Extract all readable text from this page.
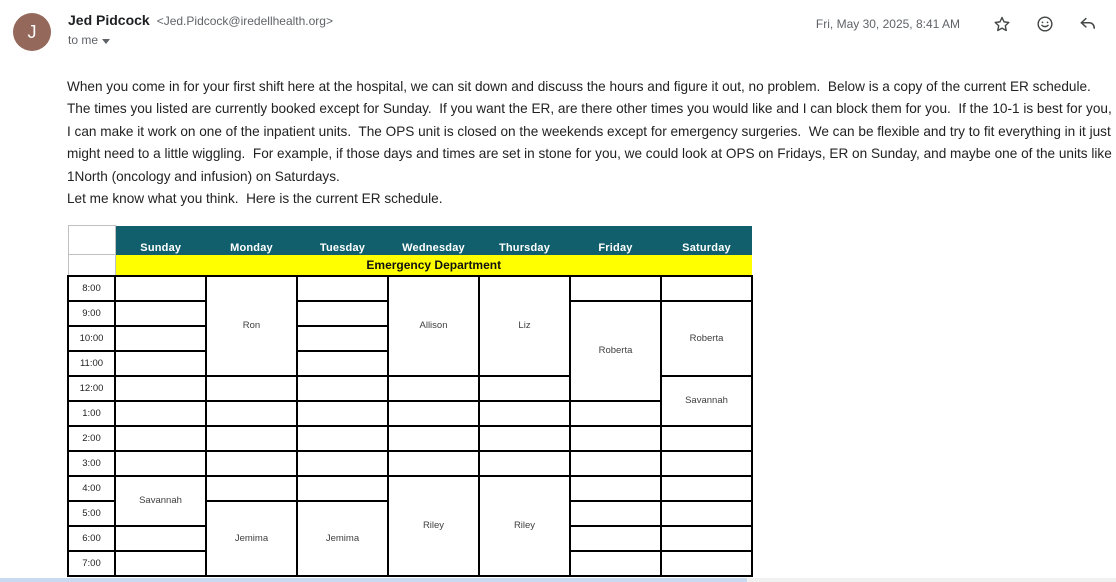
J
Jed Pidcock <Jed.Pidcock@iredellhealth.org>
to me
Fri, May 30, 2025, 8:41 AM
When you come in for your first shift here at the hospital, we can sit down and discuss the hours and figure it out, no problem.  Below is a copy of the current ER schedule.  The times you listed are currently booked except for Sunday.  If you want the ER, are there other times you would like and I can block them for you.  If the 10-1 is best for you, I can make it work on one of the inpatient units.  The OPS unit is closed on the weekends except for emergency surgeries.  We can be flexible and try to fit everything in it just might need to a little wiggling.  For example, if those days and times are set in stone for you, we could look at OPS on Fridays, ER on Sunday, and maybe one of the units like 1North (oncology and infusion) on Saturdays.
Let me know what you think.  Here is the current ER schedule.
	Sunday	Monday	Tuesday	Wednesday	Thursday	Friday	Saturday
	Emergency Department						
8:00		Ron		Allison	Liz		
9:00						Roberta	Roberta
10:00							
11:00							
12:00							Savannah
1:00							
2:00							
3:00							
4:00	Savannah			Riley	Riley		
5:00		Jemima	Jemima				
6:00							
7:00							
